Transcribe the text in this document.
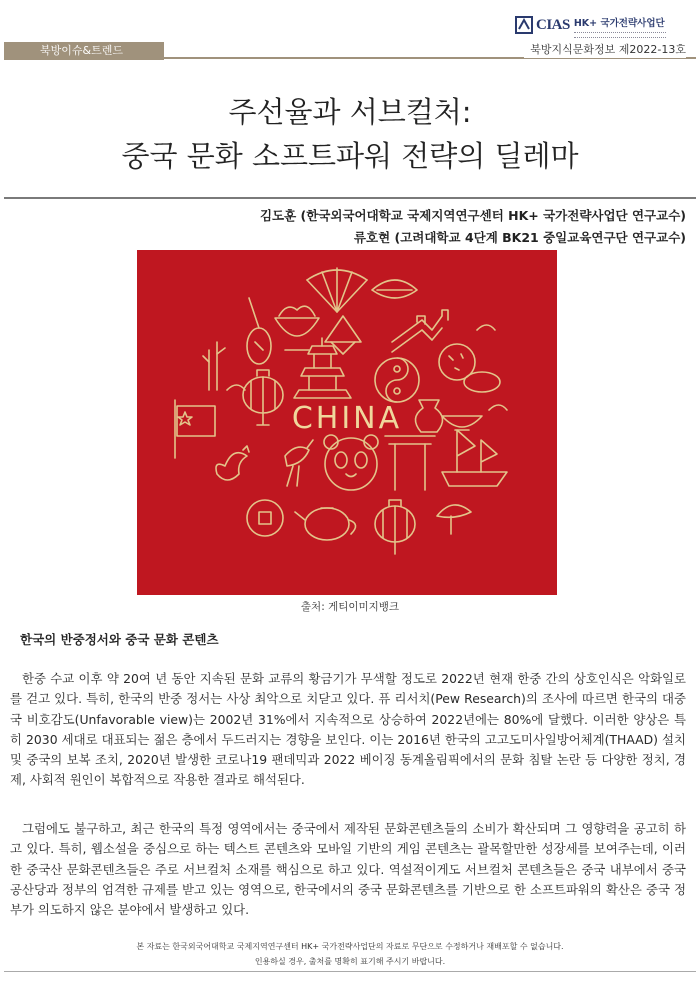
CIAS HK+ 국가전략사업단
북방이슈&트렌드	북방지식문화정보 제2022-13호
주선율과 서브컬처:
중국 문화 소프트파워 전략의 딜레마
김도훈 (한국외국어대학교 국제지역연구센터 HK+ 국가전략사업단 연구교수)
류호현 (고려대학교 4단계 BK21 중일교육연구단 연구교수)
CHINA
출처: 게티이미지뱅크
한국의 반중정서와 중국 문화 콘텐츠

한중 수교 이후 약 20여 년 동안 지속된 문화 교류의 황금기가 무색할 정도로 2022년 현재 한중 간의 상호인식은 악화일로를 걷고 있다. 특히, 한국의 반중 정서는 사상 최악으로 치닫고 있다. 퓨 리서치(Pew Research)의 조사에 따르면 한국의 대중국 비호감도(Unfavorable view)는 2002년 31%에서 지속적으로 상승하여 2022년에는 80%에 달했다. 이러한 양상은 특히 2030 세대로 대표되는 젊은 층에서 두드러지는 경향을 보인다. 이는 2016년 한국의 고고도미사일방어체계(THAAD) 설치 및 중국의 보복 조치, 2020년 발생한 코로나19 팬데믹과 2022 베이징 동계올림픽에서의 문화 침탈 논란 등 다양한 정치, 경제, 사회적 원인이 복합적으로 작용한 결과로 해석된다.

그럼에도 불구하고, 최근 한국의 특정 영역에서는 중국에서 제작된 문화콘텐츠들의 소비가 확산되며 그 영향력을 공고히 하고 있다. 특히, 웹소설을 중심으로 하는 텍스트 콘텐츠와 모바일 기반의 게임 콘텐츠는 괄목할만한 성장세를 보여주는데, 이러한 중국산 문화콘텐츠들은 주로 서브컬처 소재를 핵심으로 하고 있다. 역설적이게도 서브컬처 콘텐츠들은 중국 내부에서 중국 공산당과 정부의 엄격한 규제를 받고 있는 영역으로, 한국에서의 중국 문화콘텐츠를 기반으로 한 소프트파워의 확산은 중국 정부가 의도하지 않은 분야에서 발생하고 있다.

본 자료는 한국외국어대학교 국제지역연구센터 HK+ 국가전략사업단의 자료로 무단으로 수정하거나 재배포할 수 없습니다.
인용하실 경우, 출처를 명확히 표기해 주시기 바랍니다.
